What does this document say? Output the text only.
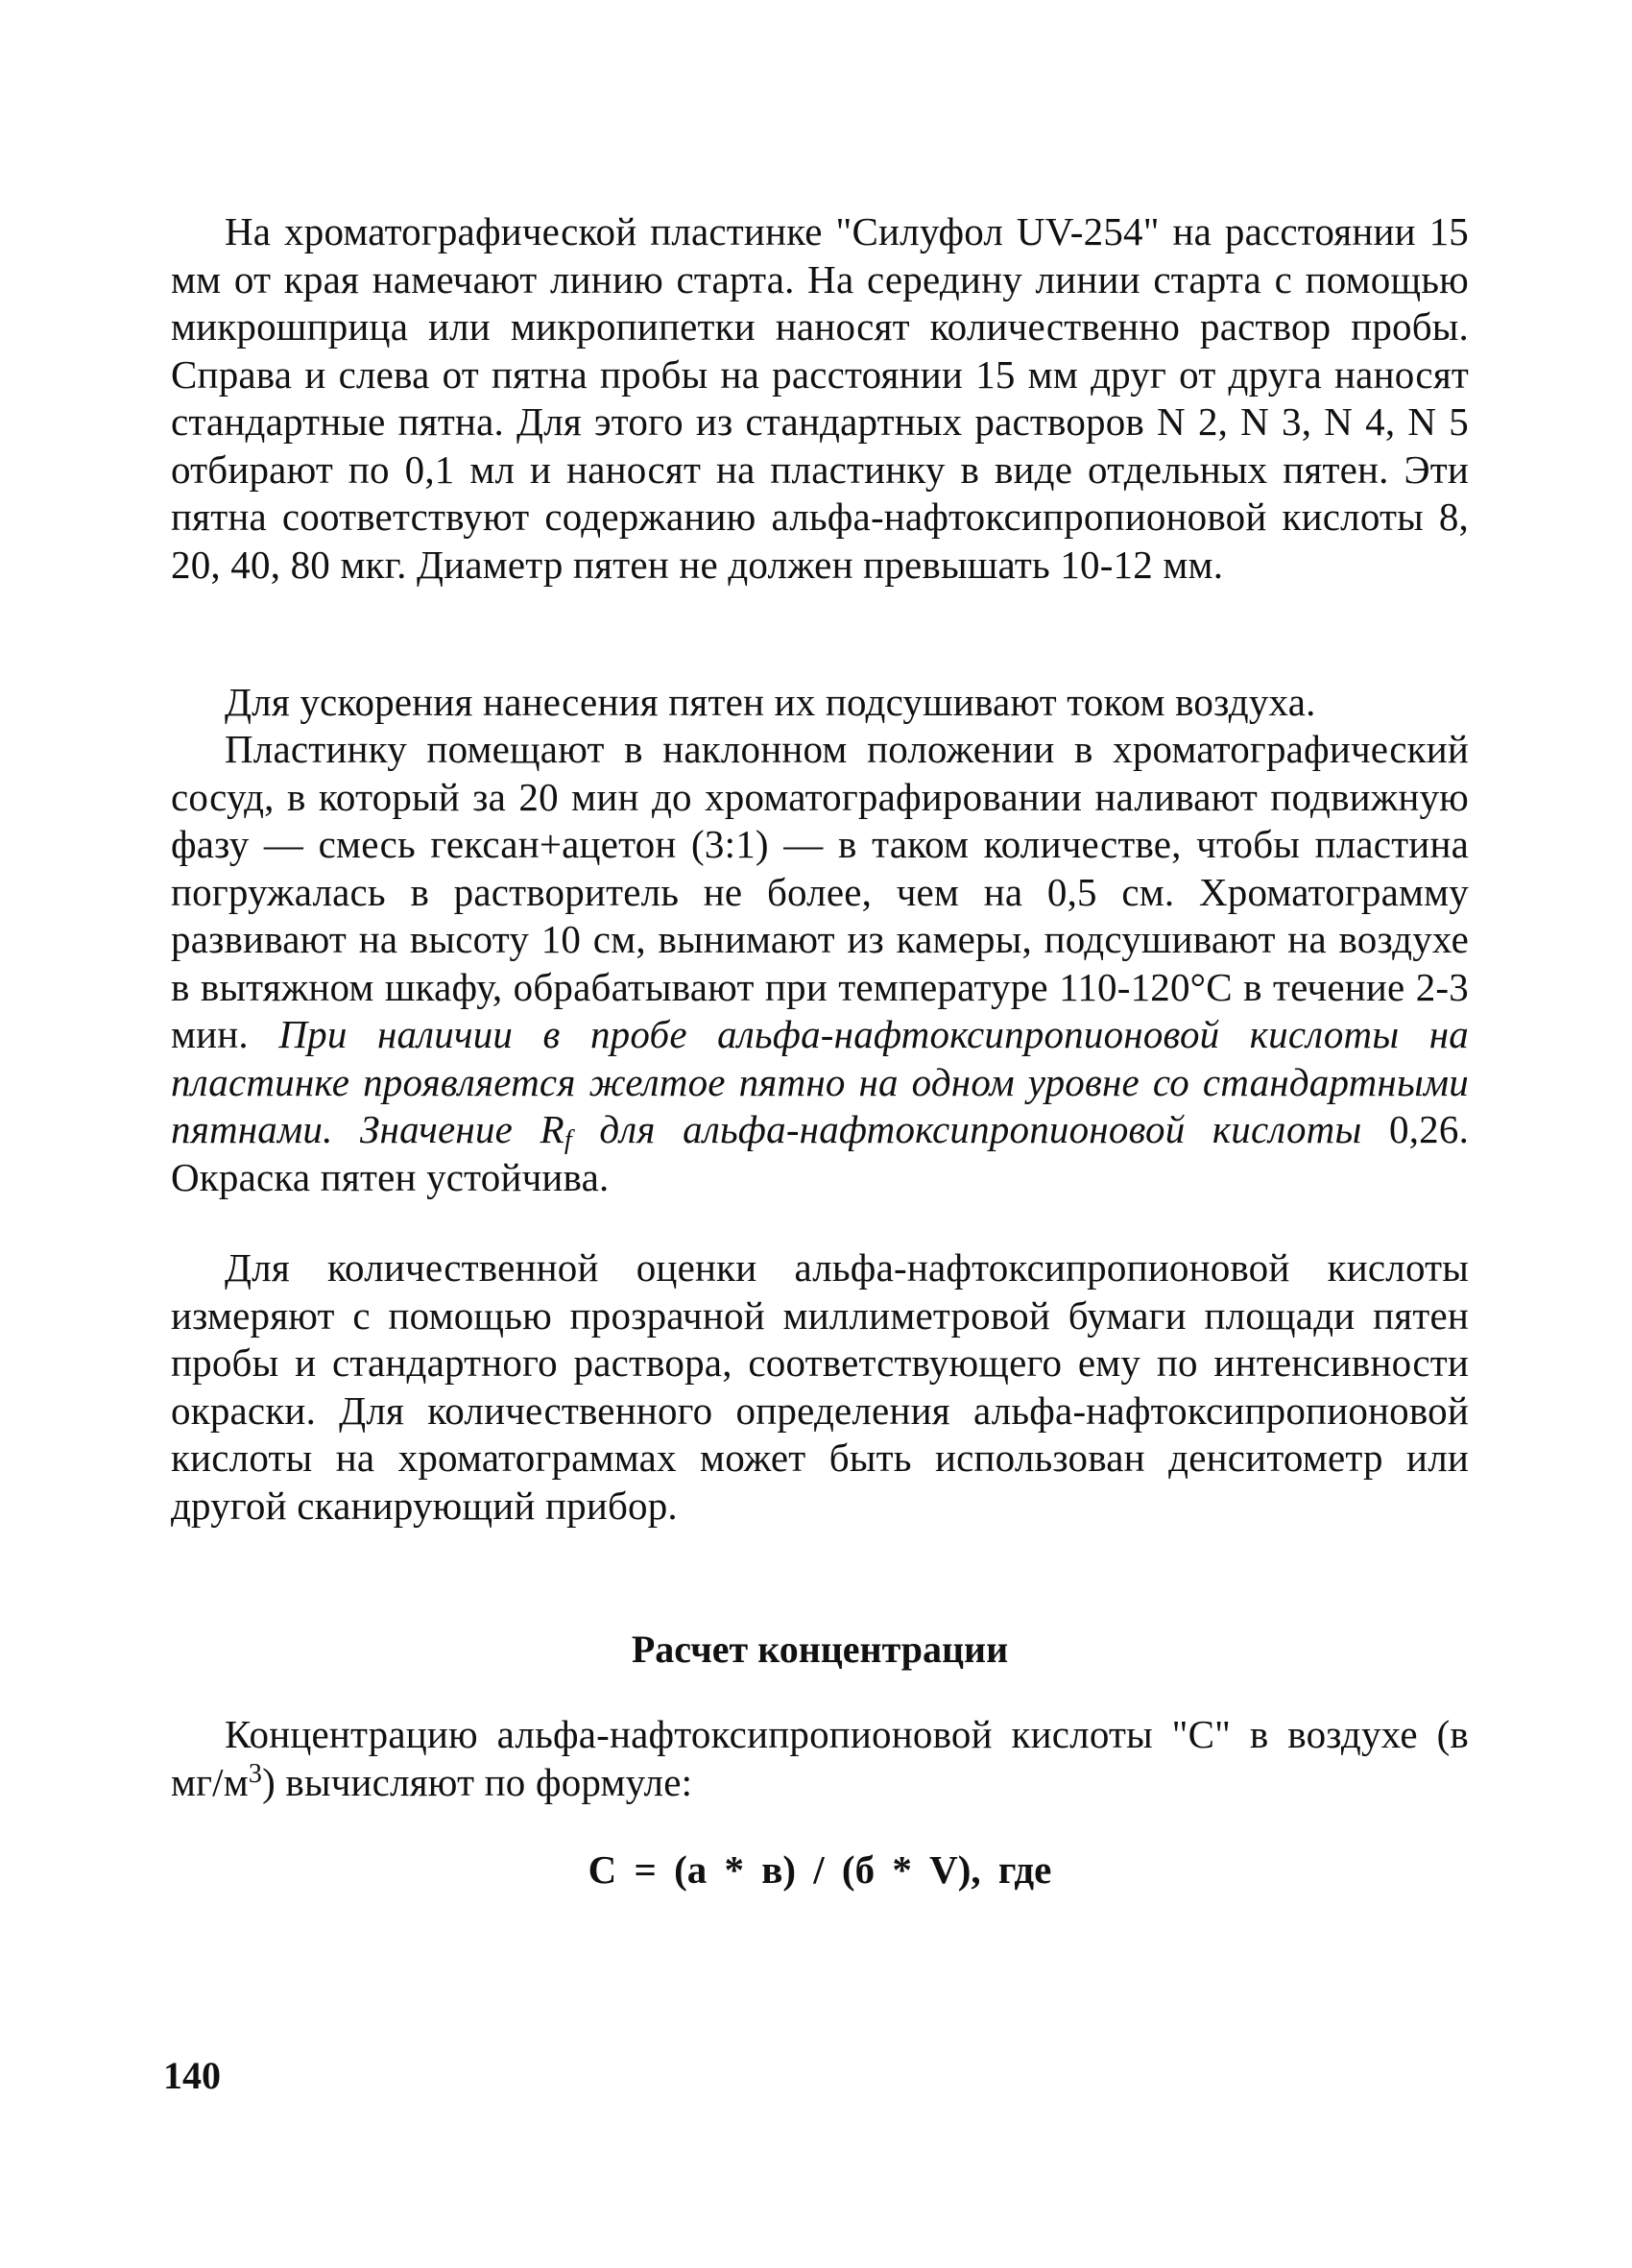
На хроматографической пластинке "Силуфол UV-254" на расстоянии 15 мм от края намечают линию старта. На середину линии старта с помощью микрошприца или микропипетки наносят количественно раствор пробы. Справа и слева от пятна пробы на расстоянии 15 мм друг от друга наносят стандартные пятна. Для этого из стандартных растворов N 2, N 3, N 4, N 5 отбирают по 0,1 мл и наносят на пластинку в виде отдельных пятен. Эти пятна соответствуют содержанию альфа-нафтоксипропионовой кислоты 8, 20, 40, 80 мкг. Диаметр пятен не должен превышать 10-12 мм.

Для ускорения нанесения пятен их подсушивают током воздуха.

Пластинку помещают в наклонном положении в хроматографический сосуд, в который за 20 мин до хроматографировании наливают подвижную фазу — смесь гексан+ацетон (3:1) — в таком количестве, чтобы пластина погружалась в растворитель не более, чем на 0,5 см. Хроматограмму развивают на высоту 10 см, вынимают из камеры, подсушивают на воздухе в вытяжном шкафу, обрабатывают при температуре 110-120°С в течение 2-3 мин. При наличии в пробе альфа-нафтоксипропионовой кислоты на пластинке проявляется желтое пятно на одном уровне со стандартными пятнами. Значение $R_f$ для альфа-нафтоксипропионовой кислоты 0,26. Окраска пятен устойчива.

Для количественной оценки альфа-нафтоксипропионовой кислоты измеряют с помощью прозрачной миллиметровой бумаги площади пятен пробы и стандартного раствора, соответствующего ему по интенсивности окраски. Для количественного определения альфа-нафтоксипропионовой кислоты на хроматограммах может быть использован денситометр или другой сканирующий прибор.

Расчет концентрации

Концентрацию альфа-нафтоксипропионовой кислоты "С" в воздухе (в $мг/м^3$) вычисляют по формуле:

С = (а * в) / (б * V), где
140
